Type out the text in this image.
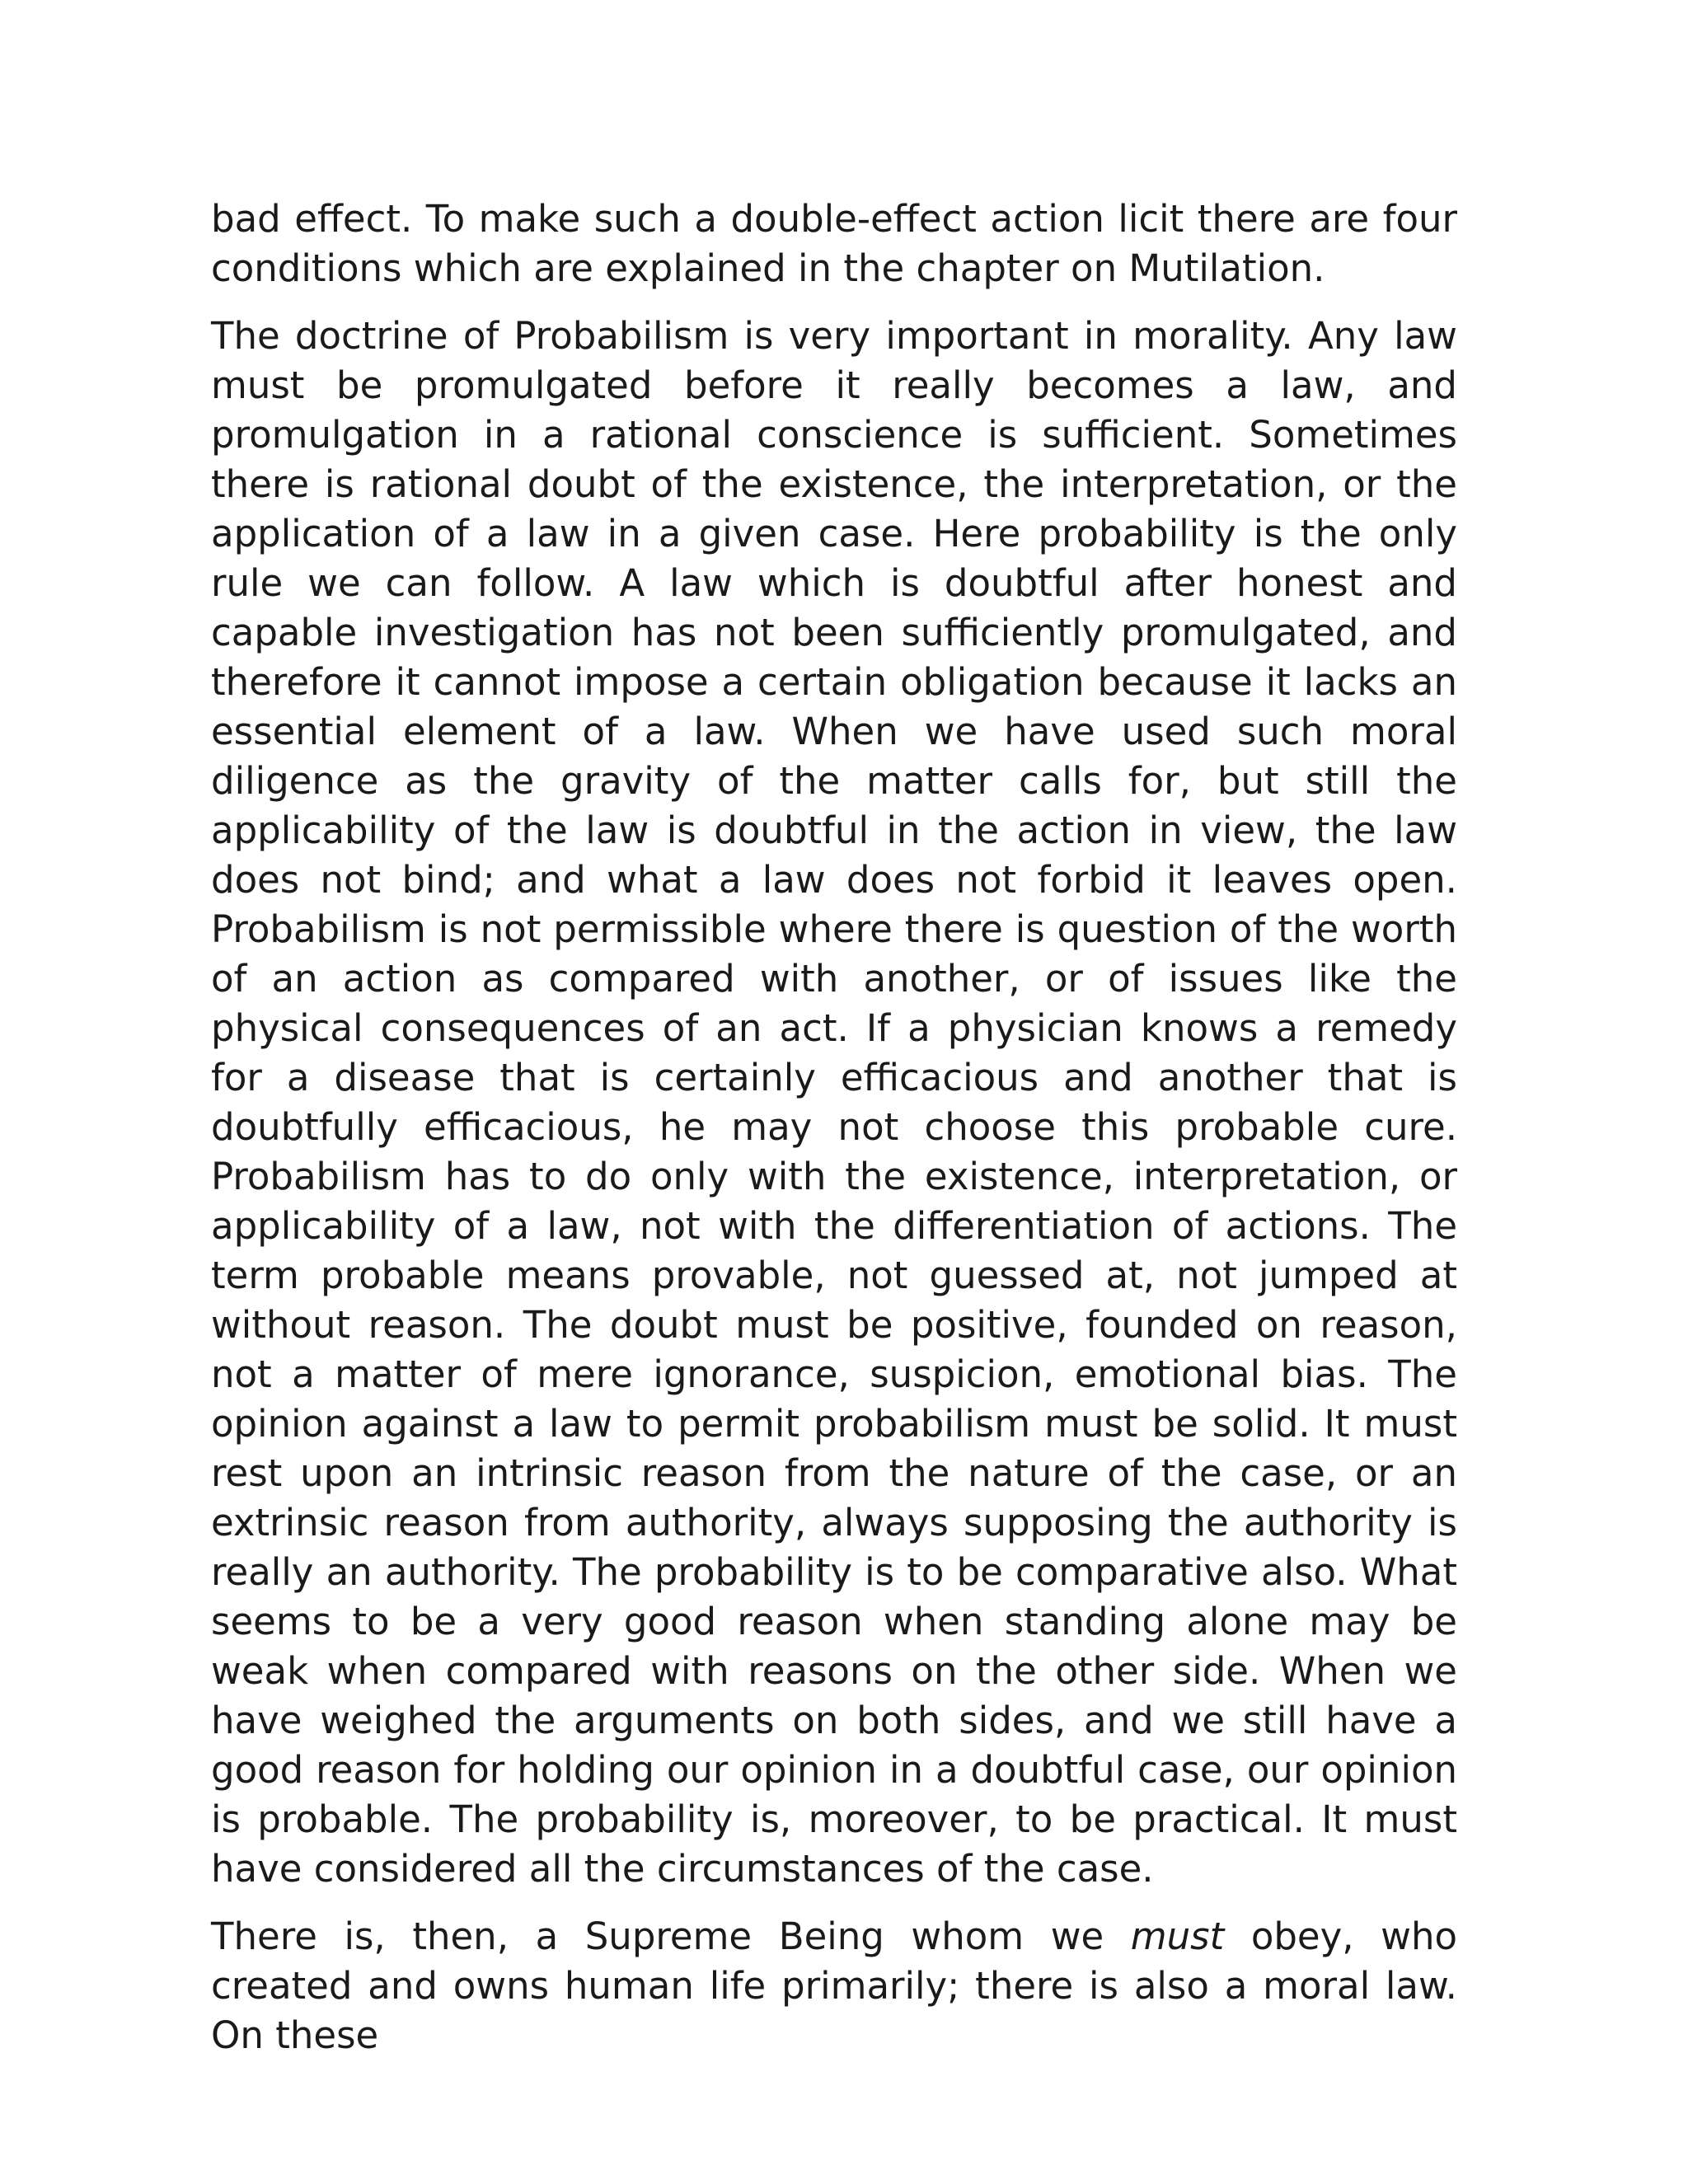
bad effect. To make such a double-effect action licit there are four conditions which are explained in the chapter on Mutilation.

The doctrine of Probabilism is very important in morality. Any law must be promulgated before it really becomes a law, and promulgation in a rational conscience is sufficient. Sometimes there is rational doubt of the existence, the interpretation, or the application of a law in a given case. Here probability is the only rule we can follow. A law which is doubtful after honest and capable investigation has not been sufficiently promulgated, and therefore it cannot impose a certain obligation because it lacks an essential element of a law. When we have used such moral diligence as the gravity of the matter calls for, but still the applicability of the law is doubtful in the action in view, the law does not bind; and what a law does not forbid it leaves open. Probabilism is not permissible where there is question of the worth of an action as compared with another, or of issues like the physical consequences of an act. If a physician knows a remedy for a disease that is certainly efficacious and another that is doubtfully efficacious, he may not choose this probable cure. Probabilism has to do only with the existence, interpretation, or applicability of a law, not with the differentiation of actions. The term probable means provable, not guessed at, not jumped at without reason. The doubt must be positive, founded on reason, not a matter of mere ignorance, suspicion, emotional bias. The opinion against a law to permit probabilism must be solid. It must rest upon an intrinsic reason from the nature of the case, or an extrinsic reason from authority, always supposing the authority is really an authority. The probability is to be comparative also. What seems to be a very good reason when standing alone may be weak when compared with reasons on the other side. When we have weighed the arguments on both sides, and we still have a good reason for holding our opinion in a doubtful case, our opinion is probable. The probability is, moreover, to be practical. It must have considered all the circumstances of the case.

There is, then, a Supreme Being whom we must obey, who created and owns human life primarily; there is also a moral law. On these
